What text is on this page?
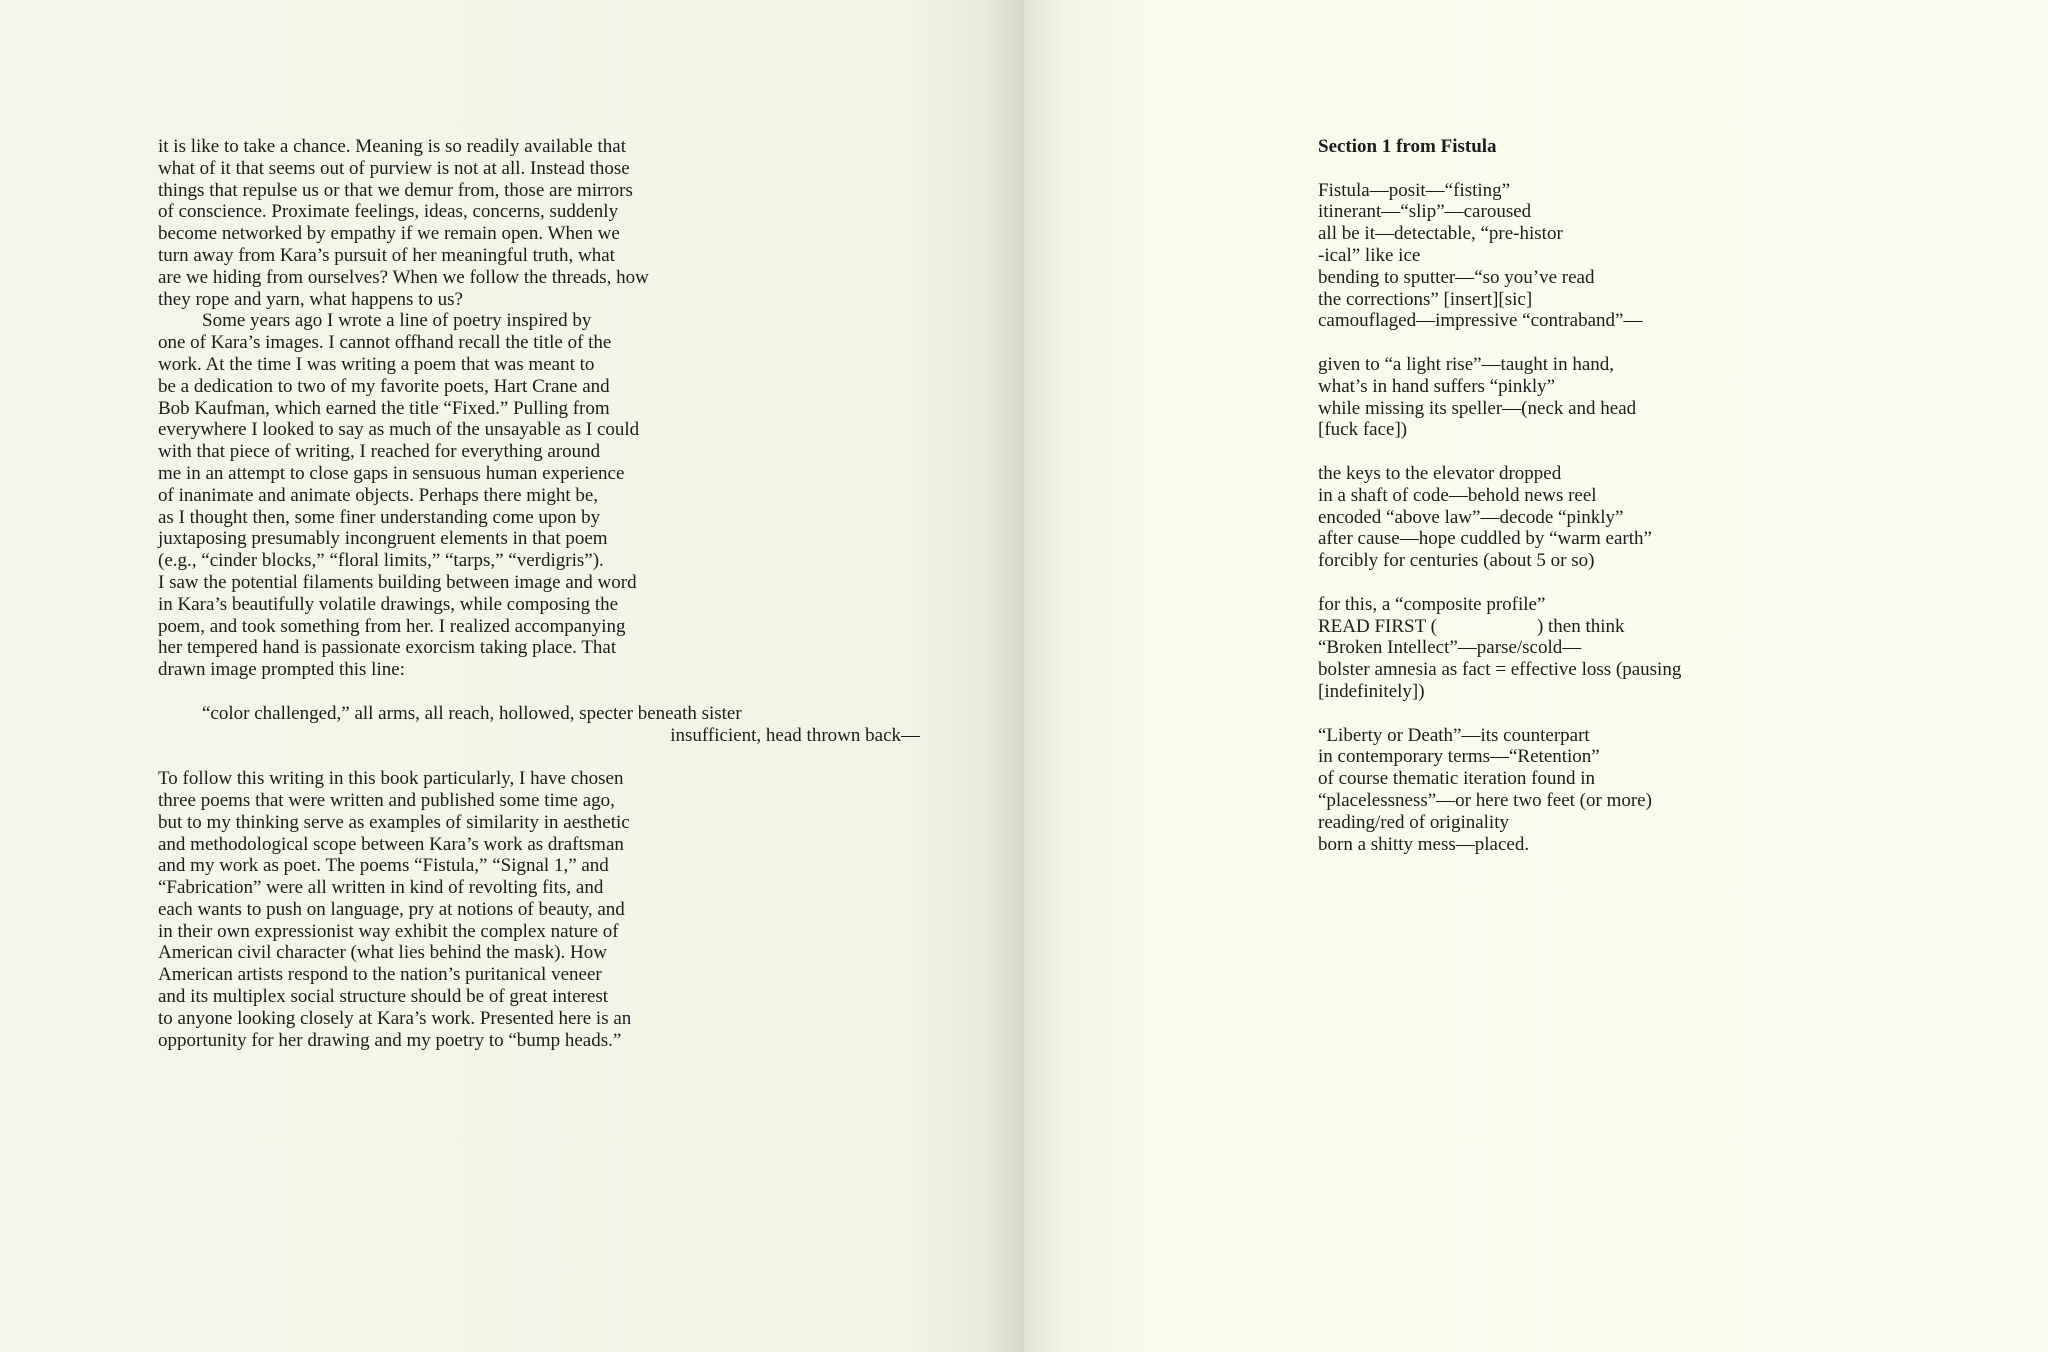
it is like to take a chance. Meaning is so readily available that
what of it that seems out of purview is not at all. Instead those
things that repulse us or that we demur from, those are mirrors
of conscience. Proximate feelings, ideas, concerns, suddenly
become networked by empathy if we remain open. When we
turn away from Kara’s pursuit of her meaningful truth, what
are we hiding from ourselves? When we follow the threads, how
they rope and yarn, what happens to us?
Some years ago I wrote a line of poetry inspired by
one of Kara’s images. I cannot offhand recall the title of the
work. At the time I was writing a poem that was meant to
be a dedication to two of my favorite poets, Hart Crane and
Bob Kaufman, which earned the title “Fixed.” Pulling from
everywhere I looked to say as much of the unsayable as I could
with that piece of writing, I reached for everything around
me in an attempt to close gaps in sensuous human experience
of inanimate and animate objects. Perhaps there might be,
as I thought then, some finer understanding come upon by
juxtaposing presumably incongruent elements in that poem
(e.g., “cinder blocks,” “floral limits,” “tarps,” “verdigris”).
I saw the potential filaments building between image and word
in Kara’s beautifully volatile drawings, while composing the
poem, and took something from her. I realized accompanying
her tempered hand is passionate exorcism taking place. That
drawn image prompted this line:
“color challenged,” all arms, all reach, hollowed, specter beneath sister
insufficient, head thrown back—
To follow this writing in this book particularly, I have chosen
three poems that were written and published some time ago,
but to my thinking serve as examples of similarity in aesthetic
and methodological scope between Kara’s work as draftsman
and my work as poet. The poems “Fistula,” “Signal 1,” and
“Fabrication” were all written in kind of revolting fits, and
each wants to push on language, pry at notions of beauty, and
in their own expressionist way exhibit the complex nature of
American civil character (what lies behind the mask). How
American artists respond to the nation’s puritanical veneer
and its multiplex social structure should be of great interest
to anyone looking closely at Kara’s work. Presented here is an
opportunity for her drawing and my poetry to “bump heads.”
Section 1 from Fistula
Fistula—posit—“fisting”
itinerant—“slip”—caroused
all be it—detectable, “pre-histor
-ical” like ice
bending to sputter—“so you’ve read
the corrections” [insert][sic]
camouflaged—impressive “contraband”—
given to “a light rise”—taught in hand,
what’s in hand suffers “pinkly”
while missing its speller—(neck and head
[fuck face])
the keys to the elevator dropped
in a shaft of code—behold news reel
encoded “above law”—decode “pinkly”
after cause—hope cuddled by “warm earth”
forcibly for centuries (about 5 or so)
for this, a “composite profile”
READ FIRST (	) then think
“Broken Intellect”—parse/scold—
bolster amnesia as fact = effective loss (pausing
[indefinitely])
“Liberty or Death”—its counterpart
in contemporary terms—“Retention”
of course thematic iteration found in
“placelessness”—or here two feet (or more)
reading/red of originality
born a shitty mess—placed.
